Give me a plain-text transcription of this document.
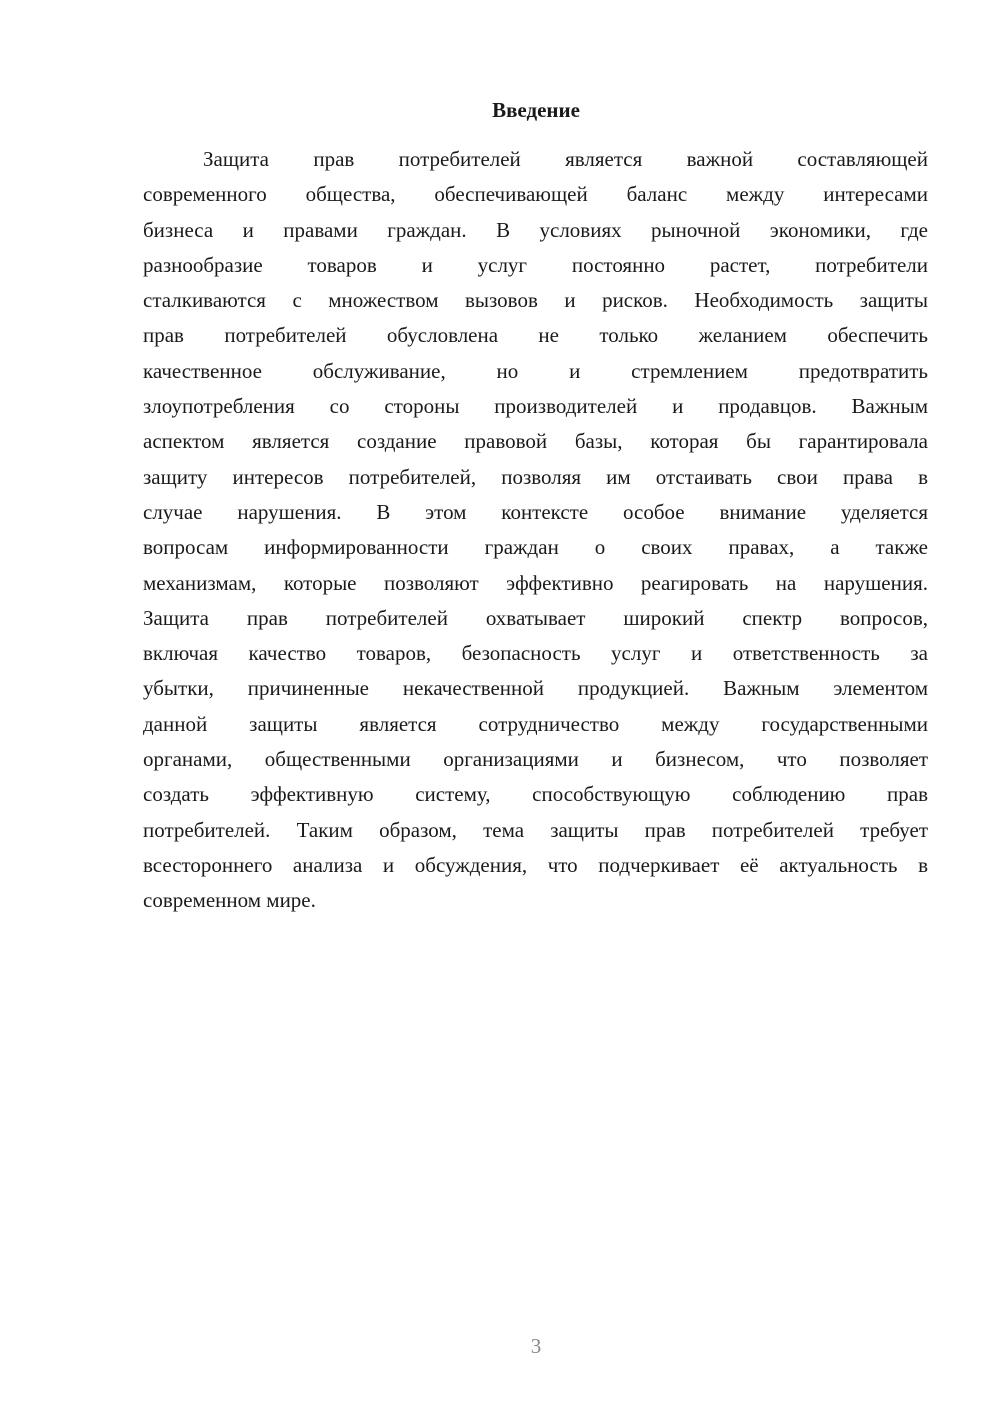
Введение
Защита прав потребителей является важной составляющей
современного общества, обеспечивающей баланс между интересами
бизнеса и правами граждан. В условиях рыночной экономики, где
разнообразие товаров и услуг постоянно растет, потребители
сталкиваются с множеством вызовов и рисков. Необходимость защиты
прав потребителей обусловлена не только желанием обеспечить
качественное обслуживание, но и стремлением предотвратить
злоупотребления со стороны производителей и продавцов. Важным
аспектом является создание правовой базы, которая бы гарантировала
защиту интересов потребителей, позволяя им отстаивать свои права в
случае нарушения. В этом контексте особое внимание уделяется
вопросам информированности граждан о своих правах, а также
механизмам, которые позволяют эффективно реагировать на нарушения.
Защита прав потребителей охватывает широкий спектр вопросов,
включая качество товаров, безопасность услуг и ответственность за
убытки, причиненные некачественной продукцией. Важным элементом
данной защиты является сотрудничество между государственными
органами, общественными организациями и бизнесом, что позволяет
создать эффективную систему, способствующую соблюдению прав
потребителей. Таким образом, тема защиты прав потребителей требует
всестороннего анализа и обсуждения, что подчеркивает её актуальность в
современном мире.
3
